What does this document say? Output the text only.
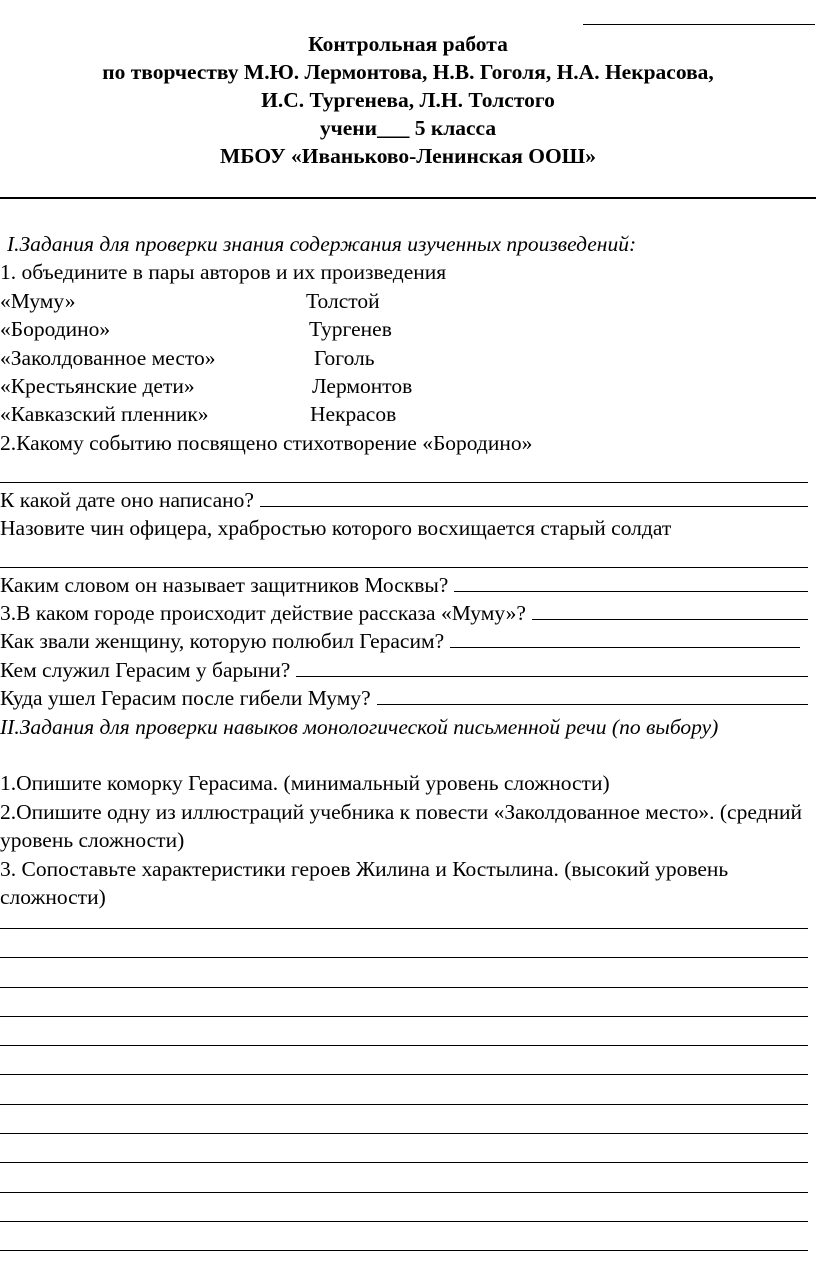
Контрольная работа
по творчеству М.Ю. Лермонтова, Н.В. Гоголя, Н.А. Некрасова,
И.С. Тургенева, Л.Н. Толстого
учени___ 5 класса
МБОУ «Иваньково-Ленинская ООШ»
I.Задания для проверки знания содержания изученных произведений:
1. объедините в пары авторов и их произведения
«Муму»	Толстой
«Бородино»	Тургенев
«Заколдованное место»	Гоголь
«Крестьянские дети»	Лермонтов
«Кавказский пленник»	Некрасов
2.Какому событию посвящено стихотворение «Бородино»
К какой дате оно написано?
Назовите чин офицера, храбростью которого восхищается старый солдат
Каким словом он называет защитников Москвы?
3.В каком городе происходит действие рассказа «Муму»?
Как звали женщину, которую полюбил Герасим?
Кем служил Герасим у барыни?
Куда ушел Герасим после гибели Муму?
II.Задания для проверки навыков монологической письменной речи (по выбору)
1.Опишите коморку Герасима. (минимальный уровень сложности)
2.Опишите одну из иллюстраций учебника к повести «Заколдованное место». (средний уровень сложности)
3. Сопоставьте характеристики героев Жилина и Костылина. (высокий уровень сложности)
